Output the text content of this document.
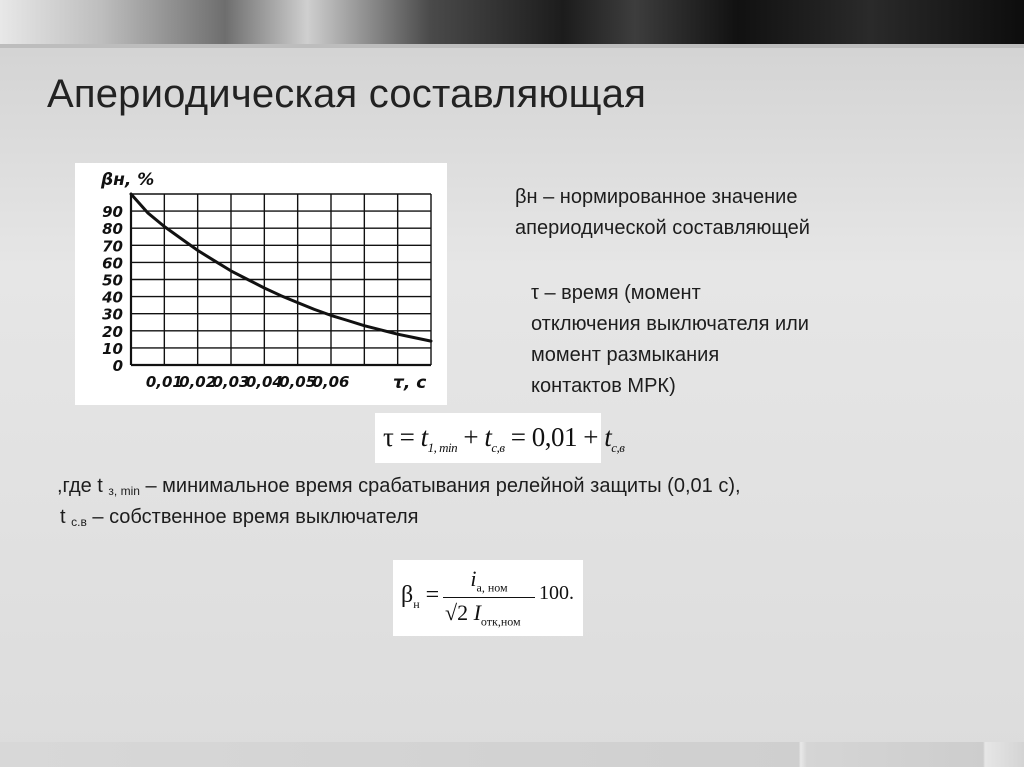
Апериодическая составляющая
0
10
20
30
40
50
60
70
80
90
0,01
0,02
0,03
0,04
0,05
0,06
βн, %
τ, c
βн – нормированное значение
апериодической составляющей
τ – время (момент
отключения выключателя или
момент размыкания
контактов МРК)
$\tau = t_{1, min} + t_{с,в} = 0,01 + t_{с,в}$
,где t $_{з, min}$ – минимальное время срабатывания релейной защиты (0,01 с),
t $_{с.в}$ – собственное время выключателя
$\beta_н$ =
$i_{а, ном}$
√2 $I_{отк,ном}$
100.
